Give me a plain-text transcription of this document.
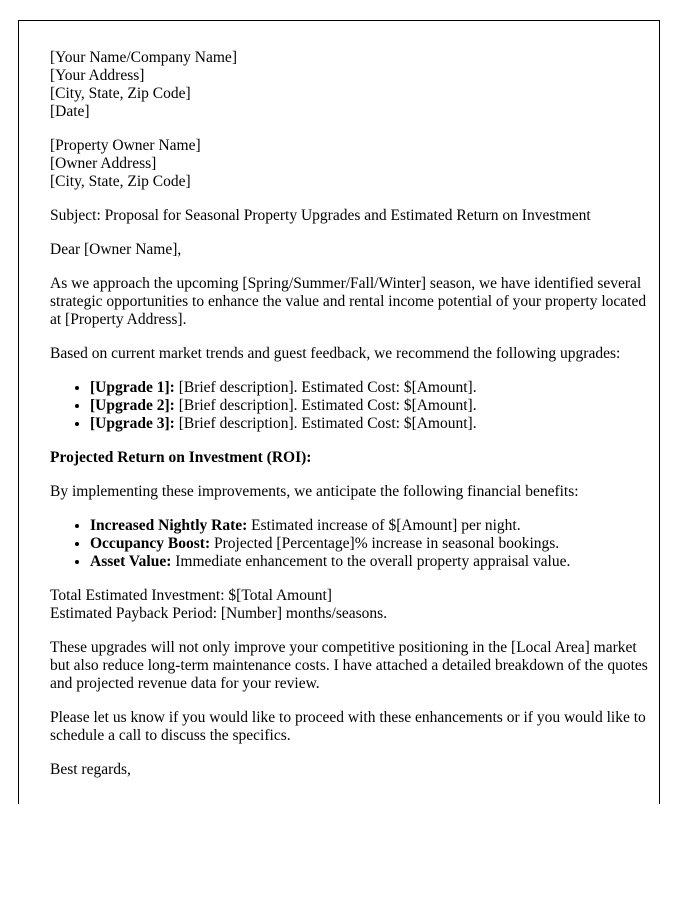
[Your Name/Company Name]
[Your Address]
[City, State, Zip Code]
[Date]
[Property Owner Name]
[Owner Address]
[City, State, Zip Code]

Subject: Proposal for Seasonal Property Upgrades and Estimated Return on Investment

Dear [Owner Name],

As we approach the upcoming [Spring/Summer/Fall/Winter] season, we have identified several strategic opportunities to enhance the value and rental income potential of your property located at [Property Address].

Based on current market trends and guest feedback, we recommend the following upgrades:

• [Upgrade 1]: [Brief description]. Estimated Cost: $[Amount].
• [Upgrade 2]: [Brief description]. Estimated Cost: $[Amount].
• [Upgrade 3]: [Brief description]. Estimated Cost: $[Amount].

Projected Return on Investment (ROI):

By implementing these improvements, we anticipate the following financial benefits:

• Increased Nightly Rate: Estimated increase of $[Amount] per night.
• Occupancy Boost: Projected [Percentage]% increase in seasonal bookings.
• Asset Value: Immediate enhancement to the overall property appraisal value.
Total Estimated Investment: $[Total Amount]
Estimated Payback Period: [Number] months/seasons.

These upgrades will not only improve your competitive positioning in the [Local Area] market but also reduce long-term maintenance costs. I have attached a detailed breakdown of the quotes and projected revenue data for your review.

Please let us know if you would like to proceed with these enhancements or if you would like to schedule a call to discuss the specifics.

Best regards,
